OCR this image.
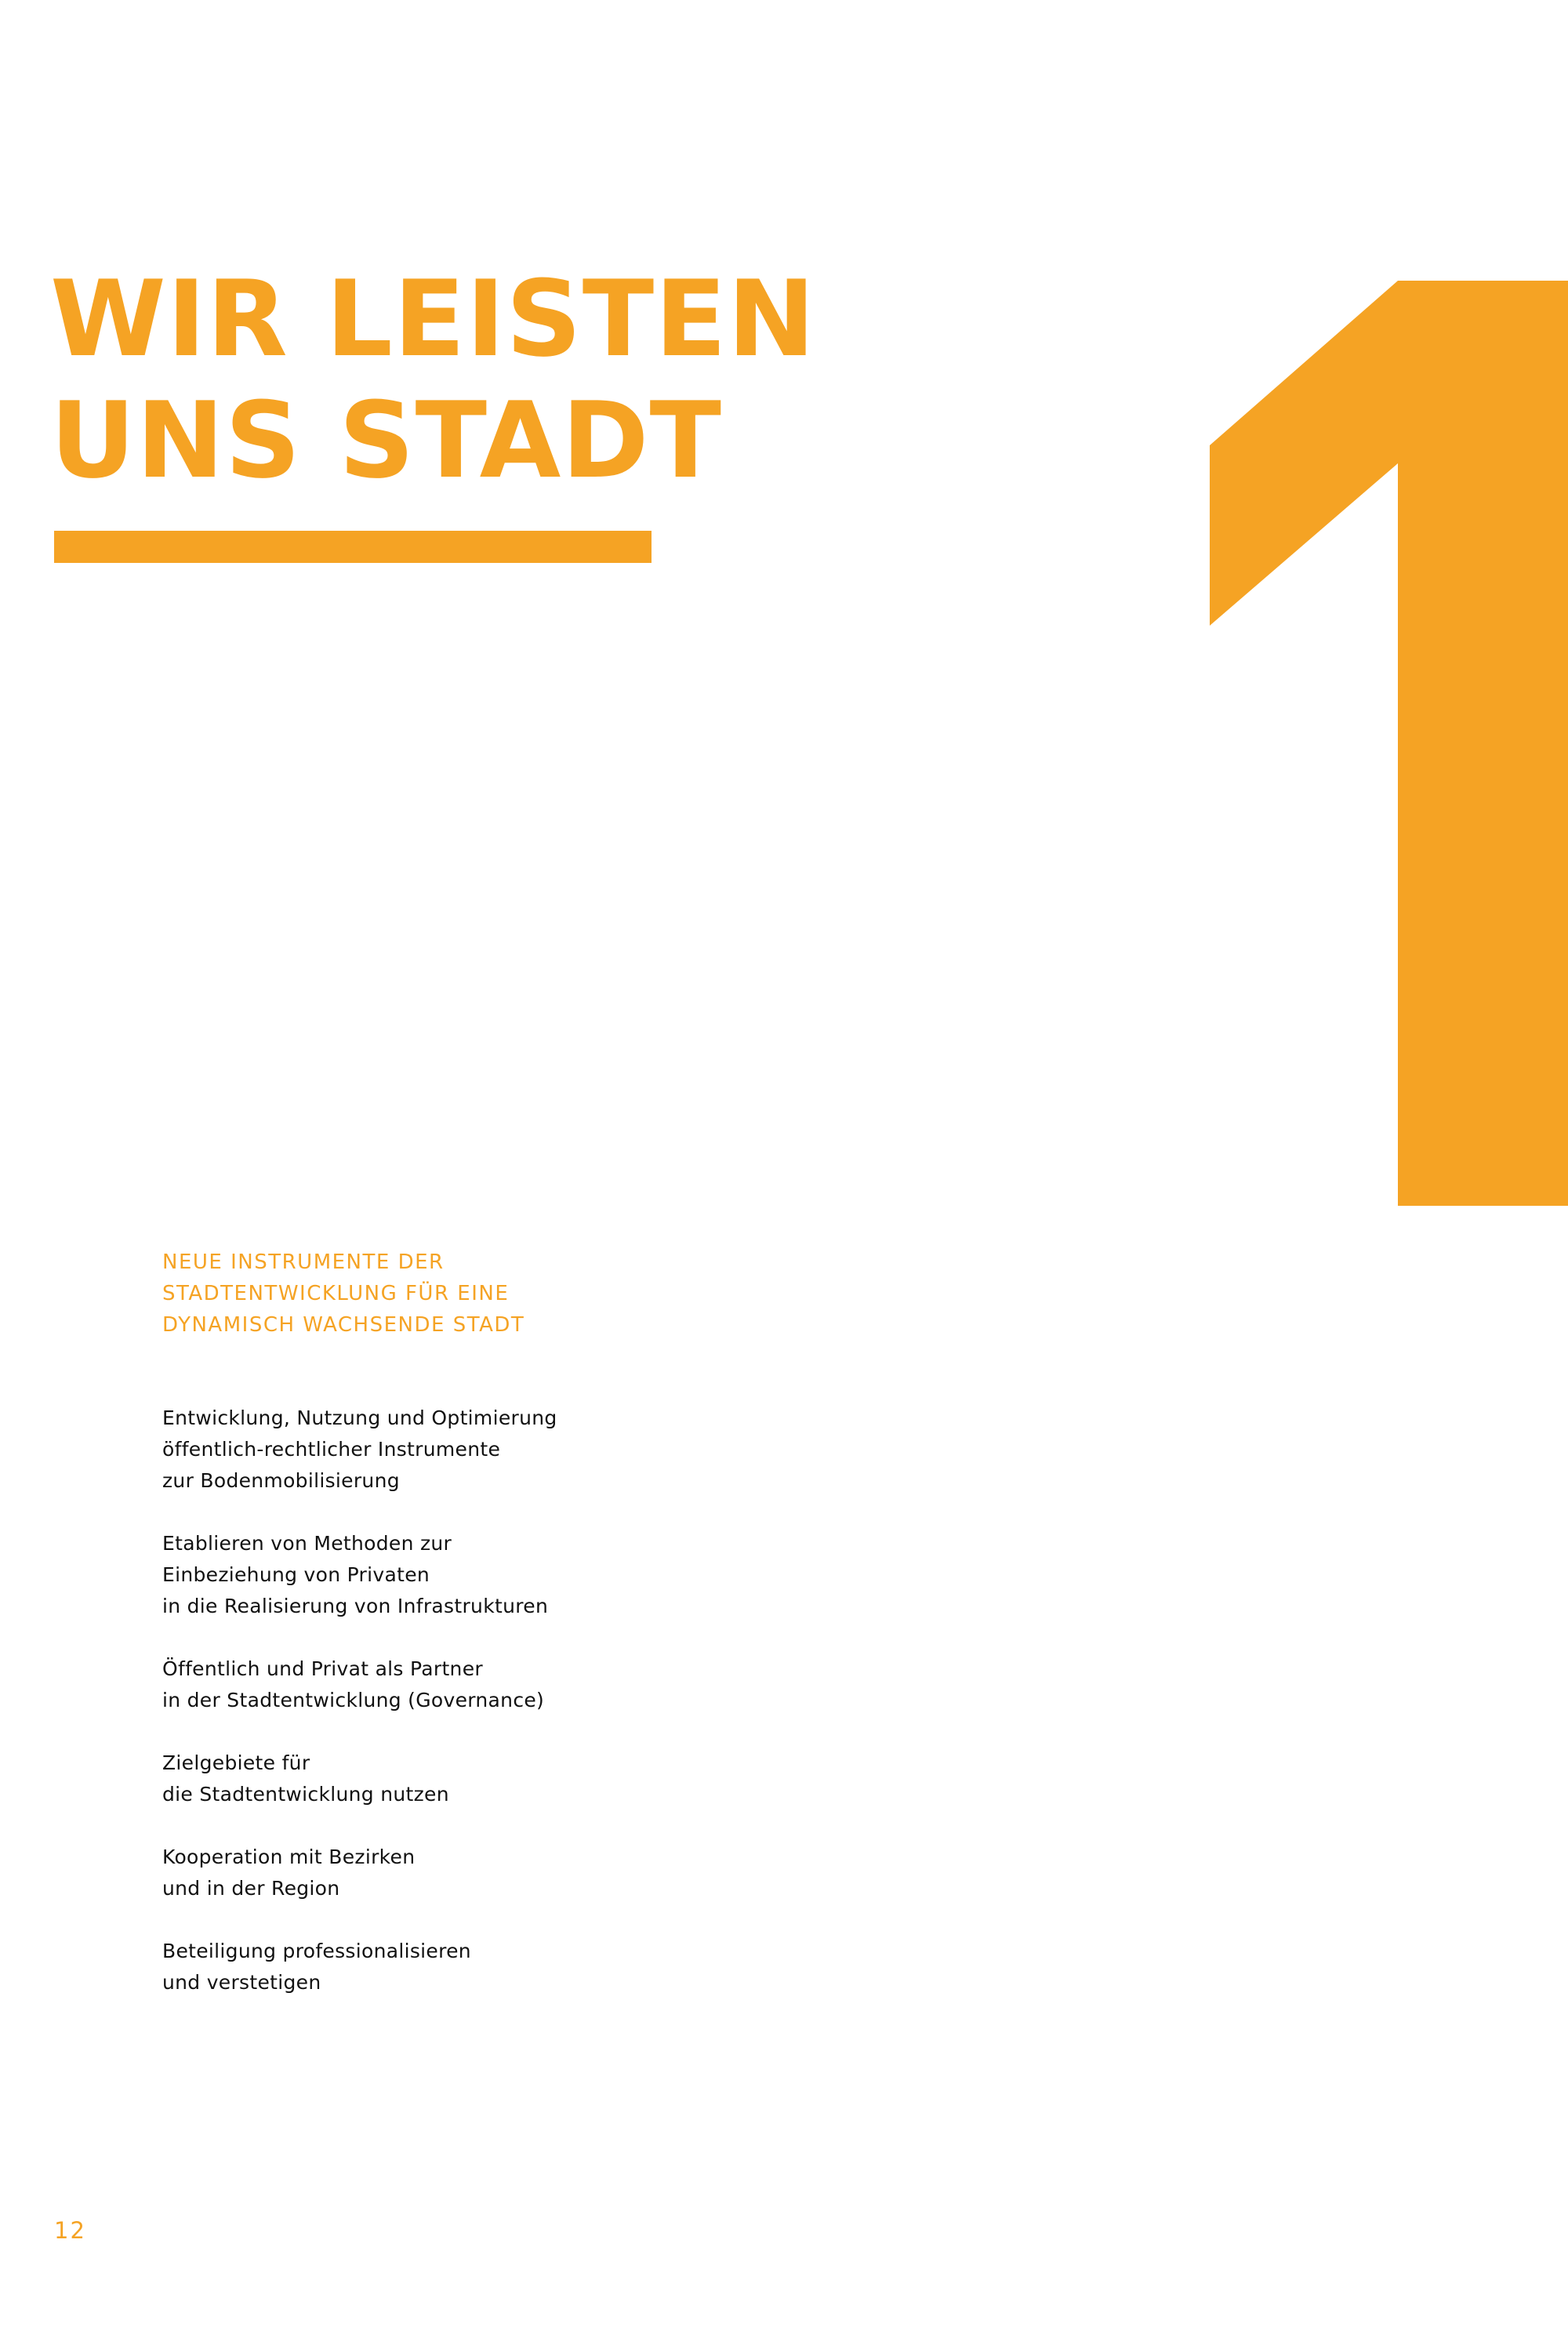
WIR LEISTEN
UNS STADT

NEUE INSTRUMENTE DER
STADTENTWICKLUNG FÜR EINE
DYNAMISCH WACHSENDE STADT

Entwicklung, Nutzung und Optimierung
öffentlich-rechtlicher Instrumente
zur Bodenmobilisierung
Etablieren von Methoden zur
Einbeziehung von Privaten
in die Realisierung von Infrastrukturen
Öffentlich und Privat als Partner
in der Stadtentwicklung (Governance)
Zielgebiete für
die Stadtentwicklung nutzen
Kooperation mit Bezirken
und in der Region
Beteiligung professionalisieren
und verstetigen
12
